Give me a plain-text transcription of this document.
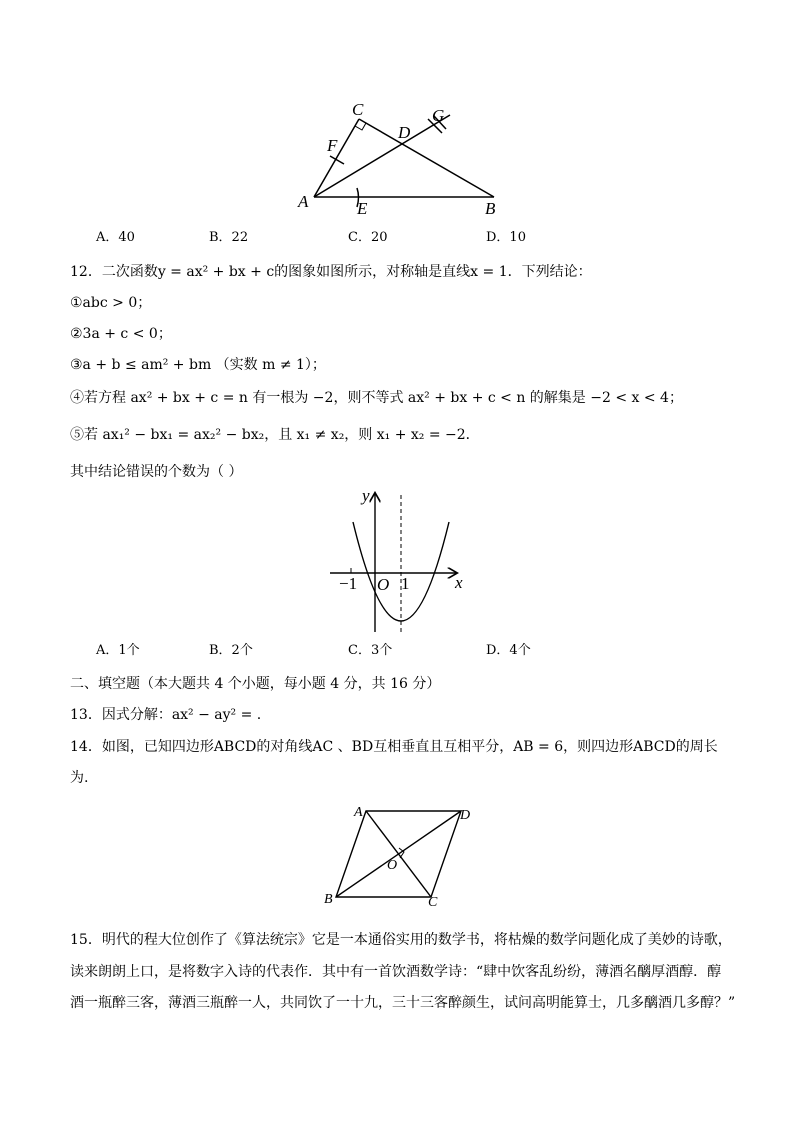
C	G
F
D
A	E	B
A．40	B．22	C．20	D．10
12．二次函数y = ax² + bx + c的图象如图所示，对称轴是直线x = 1．下列结论：
①abc > 0；
②3a + c < 0；
③a + b ≤ am² + bm （实数 m ≠ 1）；
④若方程 ax² + bx + c = n 有一根为 −2，则不等式 ax² + bx + c < n 的解集是 −2 < x < 4；
⑤若 ax₁² − bx₁ = ax₂² − bx₂，且 x₁ ≠ x₂，则 x₁ + x₂ = −2．
其中结论错误的个数为（ ）
y
x
O
−1	1
A．1个	B．2个	C．3个	D．4个
二、填空题（本大题共 4 个小题，每小题 4 分，共 16 分）
13．因式分解：ax² − ay² = .
14．如图，已知四边形ABCD的对角线AC 、BD互相垂直且互相平分，AB = 6，则四边形ABCD的周长
为.
A	D
O
B	C
15．明代的程大位创作了《算法统宗》它是一本通俗实用的数学书，将枯燥的数学问题化成了美妙的诗歌，
读来朗朗上口，是将数字入诗的代表作．其中有一首饮酒数学诗：“肆中饮客乱纷纷，薄酒名醨厚酒醇．醇
酒一瓶醉三客，薄酒三瓶醉一人，共同饮了一十九，三十三客醉颜生，试问高明能算士，几多醨酒几多醇？”
